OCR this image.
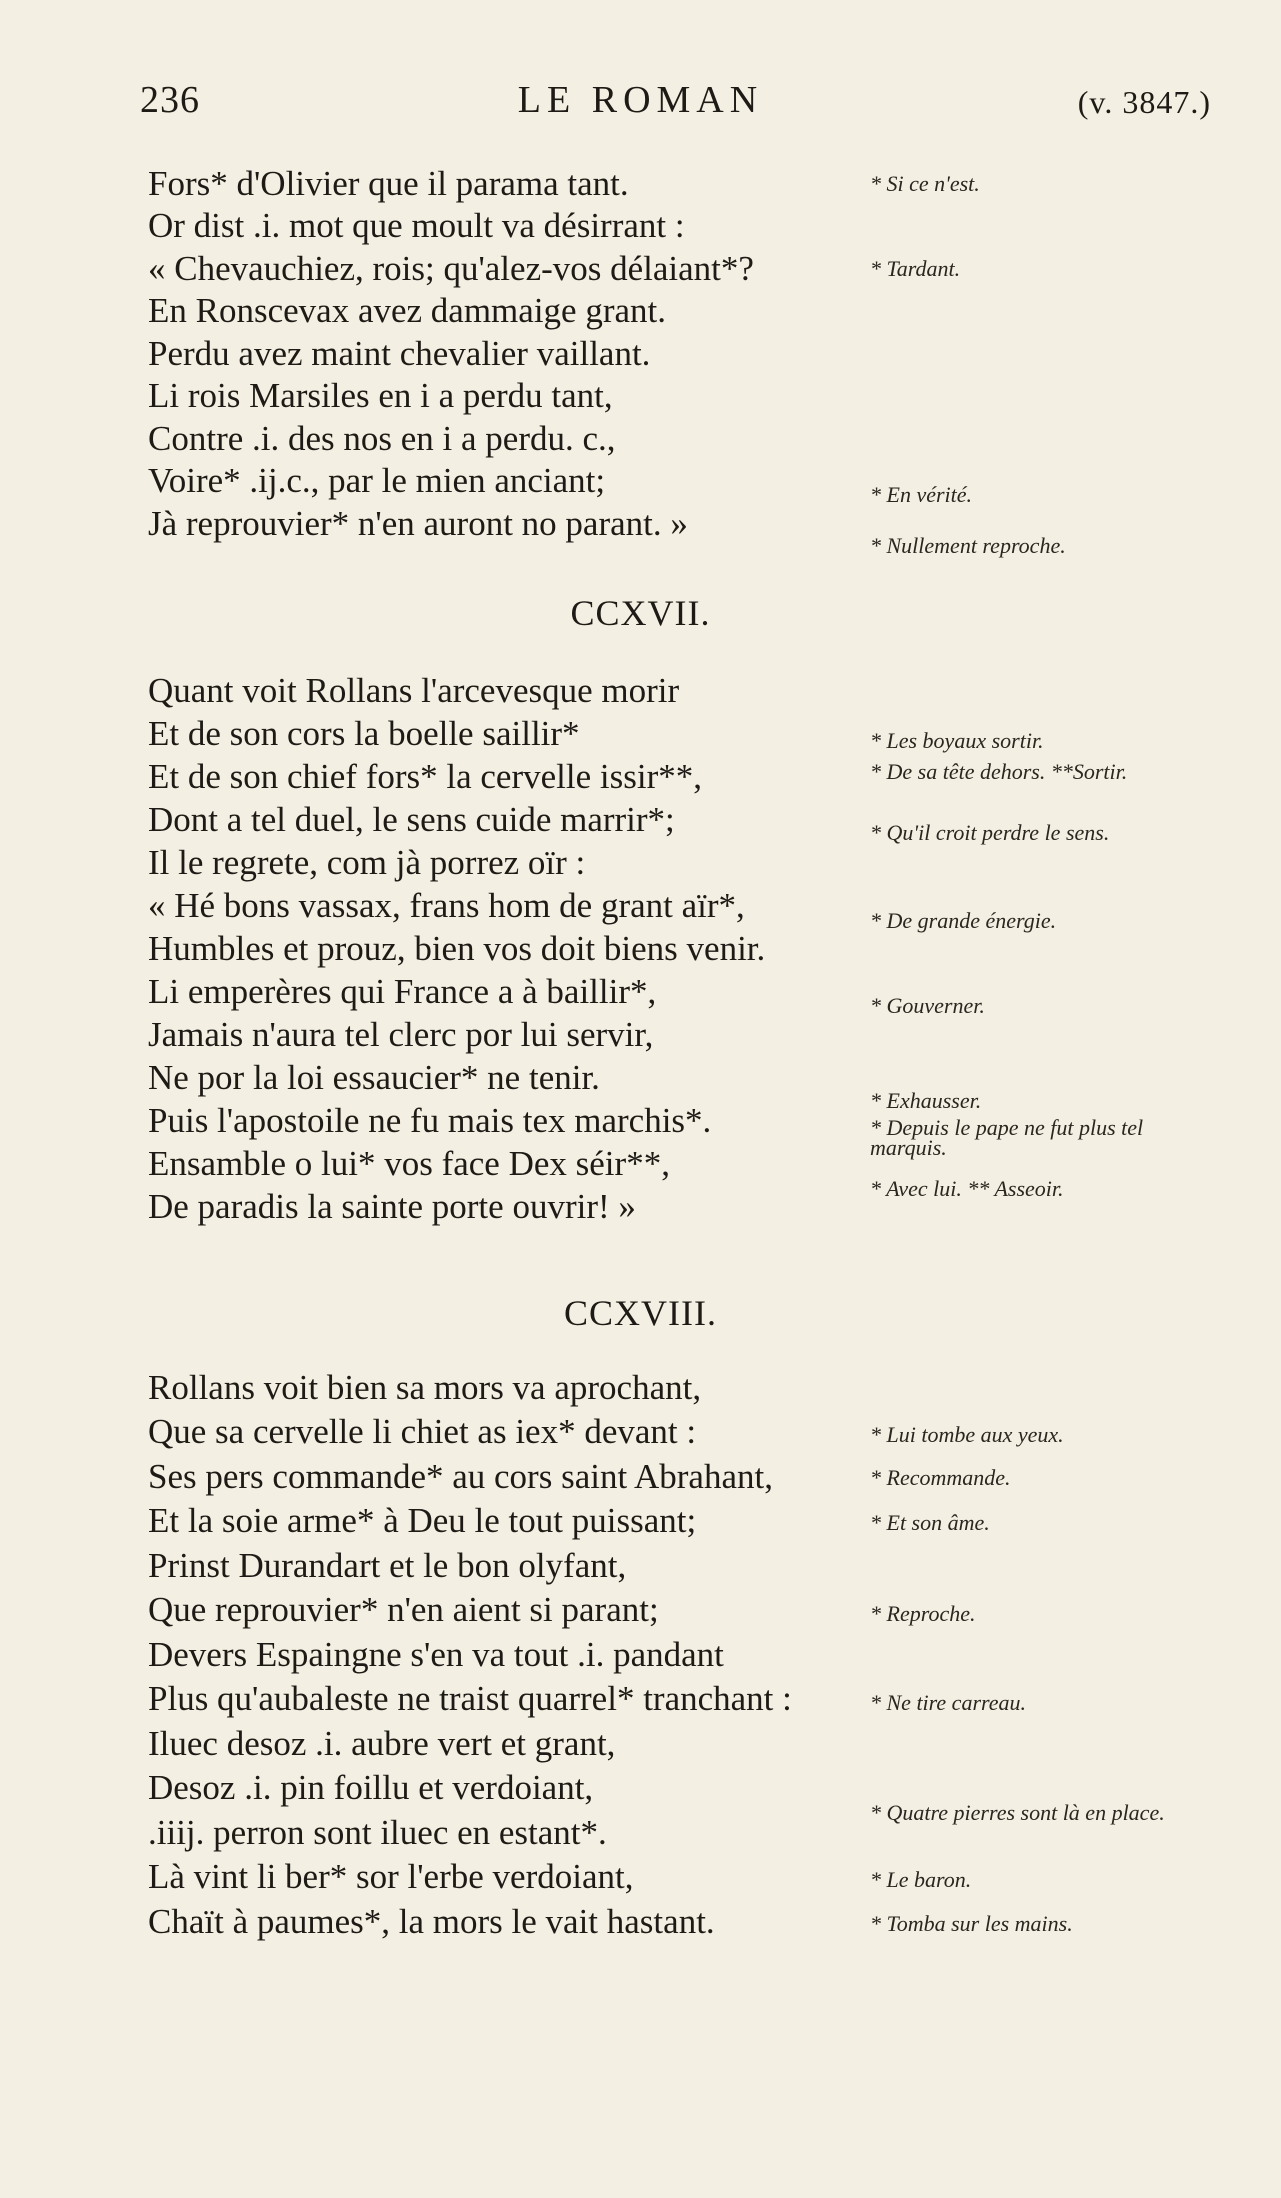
LE ROMAN
236	(v. 3847.)
Fors* d'Olivier que il parama tant.
Or dist .i. mot que moult va désirrant :
« Chevauchiez, rois; qu'alez-vos délaiant*?
En Ronscevax avez dammaige grant.
Perdu avez maint chevalier vaillant.
Li rois Marsiles en i a perdu tant,
Contre .i. des nos en i a perdu. c.,
Voire* .ij.c., par le mien anciant;
Jà reprouvier* n'en auront no parant. »
CCXVII.
Quant voit Rollans l'arcevesque morir
Et de son cors la boelle saillir*
Et de son chief fors* la cervelle issir**,
Dont a tel duel, le sens cuide marrir*;
Il le regrete, com jà porrez oïr :
« Hé bons vassax, frans hom de grant aïr*,
Humbles et prouz, bien vos doit biens venir.
Li emperères qui France a à baillir*,
Jamais n'aura tel clerc por lui servir,
Ne por la loi essaucier* ne tenir.
Puis l'apostoile ne fu mais tex marchis*.
Ensamble o lui* vos face Dex séir**,
De paradis la sainte porte ouvrir! »
CCXVIII.
Rollans voit bien sa mors va aprochant,
Que sa cervelle li chiet as iex* devant :
Ses pers commande* au cors saint Abrahant,
Et la soie arme* à Deu le tout puissant;
Prinst Durandart et le bon olyfant,
Que reprouvier* n'en aient si parant;
Devers Espaingne s'en va tout .i. pandant
Plus qu'aubaleste ne traist quarrel* tranchant :
Iluec desoz .i. aubre vert et grant,
Desoz .i. pin foillu et verdoiant,
.iiij. perron sont iluec en estant*.
Là vint li ber* sor l'erbe verdoiant,
Chaït à paumes*, la mors le vait hastant.
* Si ce n'est.
* Tardant.
* En vérité.
* Nullement reproche.
* Les boyaux sortir.
* De sa tête dehors. **Sortir.
* Qu'il croit perdre le sens.
* De grande énergie.
* Gouverner.
* Exhausser.
* Depuis le pape ne fut plus tel marquis.
* Avec lui. ** Asseoir.
* Lui tombe aux yeux.
* Recommande.
* Et son âme.
* Reproche.
* Ne tire carreau.
* Quatre pierres sont là en place.
* Le baron.
* Tomba sur les mains.
